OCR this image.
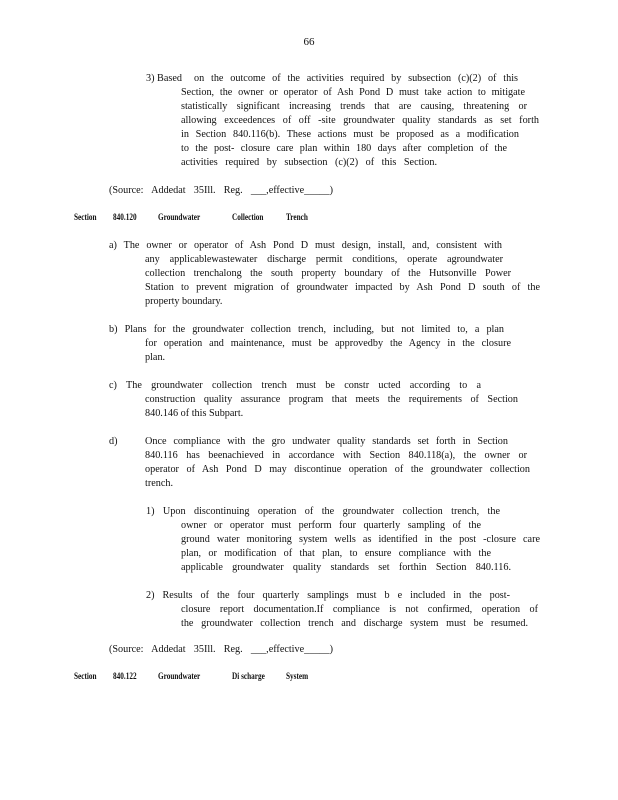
66
3) Based on the outcome of the activities required by subsection (c)(2) of this
Section, the owner or operator of Ash Pond D must take action to mitigate
statistically significant increasing trends that are causing, threatening or
allowing exceedences of off -site groundwater quality standards as set forth
in Section 840.116(b). These actions must be proposed as a modification
to the post- closure care plan within 180 days after completion of the
activities required by subsection (c)(2) of this Section.
(Source: Addedat 35Ill. Reg. ___,effective_____)
Section 840.120 Groundwater	Collection Trench
a) The owner or operator of Ash Pond D must design, install, and, consistent with
any applicablewastewater discharge permit conditions, operate agroundwater
collection trenchalong the south property boundary of the Hutsonville Power
Station to prevent migration of groundwater impacted by Ash Pond D south of the
property boundary.
b) Plans for the groundwater collection trench, including, but not limited to, a plan
for operation and maintenance, must be approvedby the Agency in the closure
plan.
c) The groundwater collection trench must be constr ucted according to a
construction quality assurance program that meets the requirements of Section
840.146 of this Subpart.
d)	Once compliance with the gro undwater quality standards set forth in Section
840.116 has beenachieved in accordance with Section 840.118(a), the owner or
operator of Ash Pond D may discontinue operation of the groundwater collection
trench.
1) Upon discontinuing operation of the groundwater collection trench, the
owner or operator must perform four quarterly sampling of the
ground water monitoring system wells as identified in the post -closure care
plan, or modification of that plan, to ensure compliance with the
applicable groundwater quality standards set forthin Section 840.116.
2) Results of the four quarterly samplings must b e included in the post-
closure report documentation.If compliance is not confirmed, operation of
the groundwater collection trench and discharge system must be resumed.
(Source: Addedat 35Ill. Reg. ___,effective_____)
Section 840.122 Groundwater	Di scharge System
